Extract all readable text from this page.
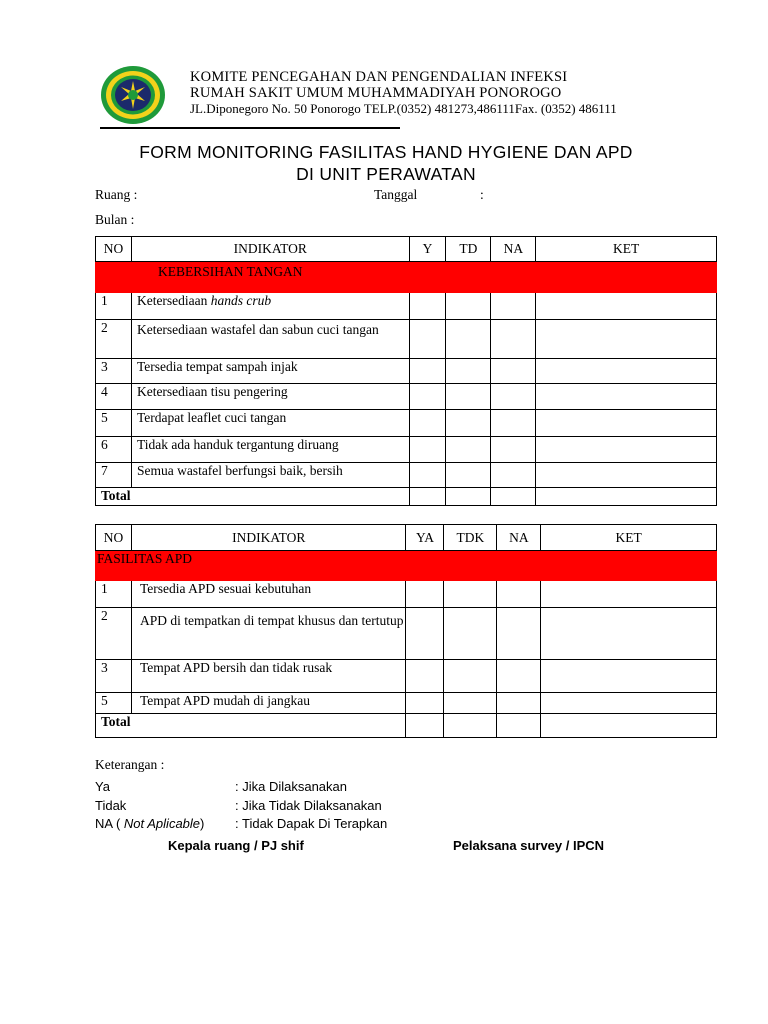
KOMITE PENCEGAHAN DAN PENGENDALIAN INFEKSI
RUMAH SAKIT UMUM MUHAMMADIYAH PONOROGO
JL.Diponegoro No. 50 Ponorogo TELP.(0352) 481273,486111Fax. (0352) 486111
FORM MONITORING FASILITAS HAND HYGIENE DAN APD
DI UNIT PERAWATAN
Ruang :	Tanggal	:
Bulan :
NO	INDIKATOR	Y	TD	NA	KET
KEBERSIHAN TANGAN					
1	Ketersediaan hands crub				
2	Ketersediaan wastafel dan sabun cuci tangan				
3	Tersedia tempat sampah injak				
4	Ketersediaan tisu pengering				
5	Terdapat leaflet cuci tangan				
6	Tidak ada handuk tergantung diruang				
7	Semua wastafel berfungsi baik, bersih				
Total					
NO	INDIKATOR	YA	TDK	NA	KET
FASILITAS APD					
1	Tersedia APD sesuai kebutuhan				
2	APD di tempatkan di tempat khusus dan tertutup				
3	Tempat APD bersih dan tidak rusak				
5	Tempat APD mudah di jangkau				
Total					
Keterangan :
Ya	: Jika Dilaksanakan
Tidak	: Jika Tidak Dilaksanakan
NA ( Not Aplicable) : Tidak Dapak Di Terapkan
Kepala ruang / PJ shif	Pelaksana survey / IPCN
